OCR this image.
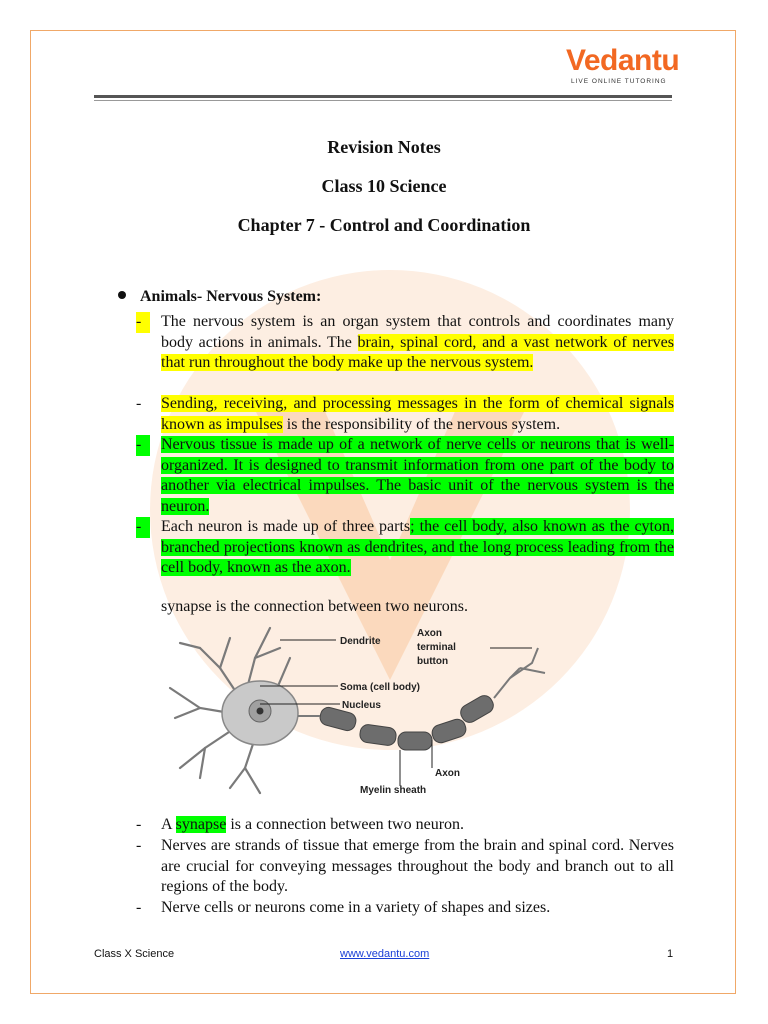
Vedantu
LIVE ONLINE TUTORING
Revision Notes
Class 10 Science
Chapter 7 - Control and Coordination
Animals- Nervous System:
-	The nervous system is an organ system that controls and coordinates many body actions in animals. The brain, spinal cord, and a vast network of nerves that run throughout the body make up the nervous system.
-	Sending, receiving, and processing messages in the form of chemical signals known as impulses is the responsibility of the nervous system.
-	Nervous tissue is made up of a network of nerve cells or neurons that is well-organized. It is designed to transmit information from one part of the body to another via electrical impulses. The basic unit of the nervous system is the neuron.
-	Each neuron is made up of three parts; the cell body, also known as the cyton, branched projections known as dendrites, and the long process leading from the cell body, known as the axon.
synapse is the connection between two neurons.
Dendrite
Axon
terminal
button
Soma (cell body)
Nucleus
Axon
Myelin sheath
-	A synapse is a connection between two neuron.
-	Nerves are strands of tissue that emerge from the brain and spinal cord. Nerves are crucial for conveying messages throughout the body and branch out to all regions of the body.
-	Nerve cells or neurons come in a variety of shapes and sizes.
Class X Science	www.vedantu.com	1
